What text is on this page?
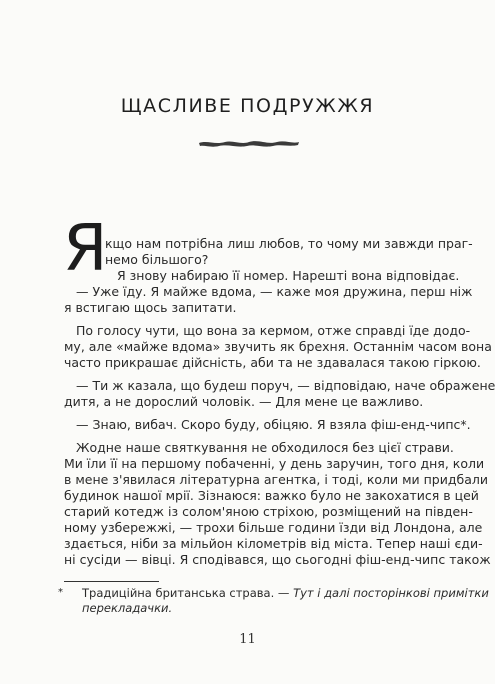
ЩАСЛИВЕ ПОДРУЖЖЯ
Я
кщо нам потрібна лиш любов, то чому ми завжди праг-
немо більшого?
Я знову набираю її номер. Нарешті вона відповідає.
— Уже їду. Я майже вдома, — каже моя дружина, перш ніж
я встигаю щось запитати.
По голосу чути, що вона за кермом, отже справді їде додо-
му, але «майже вдома» звучить як брехня. Останнім часом вона
часто прикрашає дійсність, аби та не здавалася такою гіркою.
— Ти ж казала, що будеш поруч, — відповідаю, наче ображене
дитя, а не дорослий чоловік. — Для мене це важливо.
— Знаю, вибач. Скоро буду, обіцяю. Я взяла фіш-енд-чипс*.
Жодне наше святкування не обходилося без цієї страви.
Ми їли її на першому побаченні, у день заручин, того дня, коли
в мене з'явилася літературна агентка, і тоді, коли ми придбали
будинок нашої мрії. Зізнаюся: важко було не закохатися в цей
старий котедж із солом'яною стріхою, розміщений на півден-
ному узбережжі, — трохи більше години їзди від Лондона, але
здається, ніби за мільйон кілометрів від міста. Тепер наші єди-
ні сусіди — вівці. Я сподівався, що сьогодні фіш-енд-чипс також
* Традиційна британська страва. — Тут і далі посторінкові примітки
перекладачки.
11
